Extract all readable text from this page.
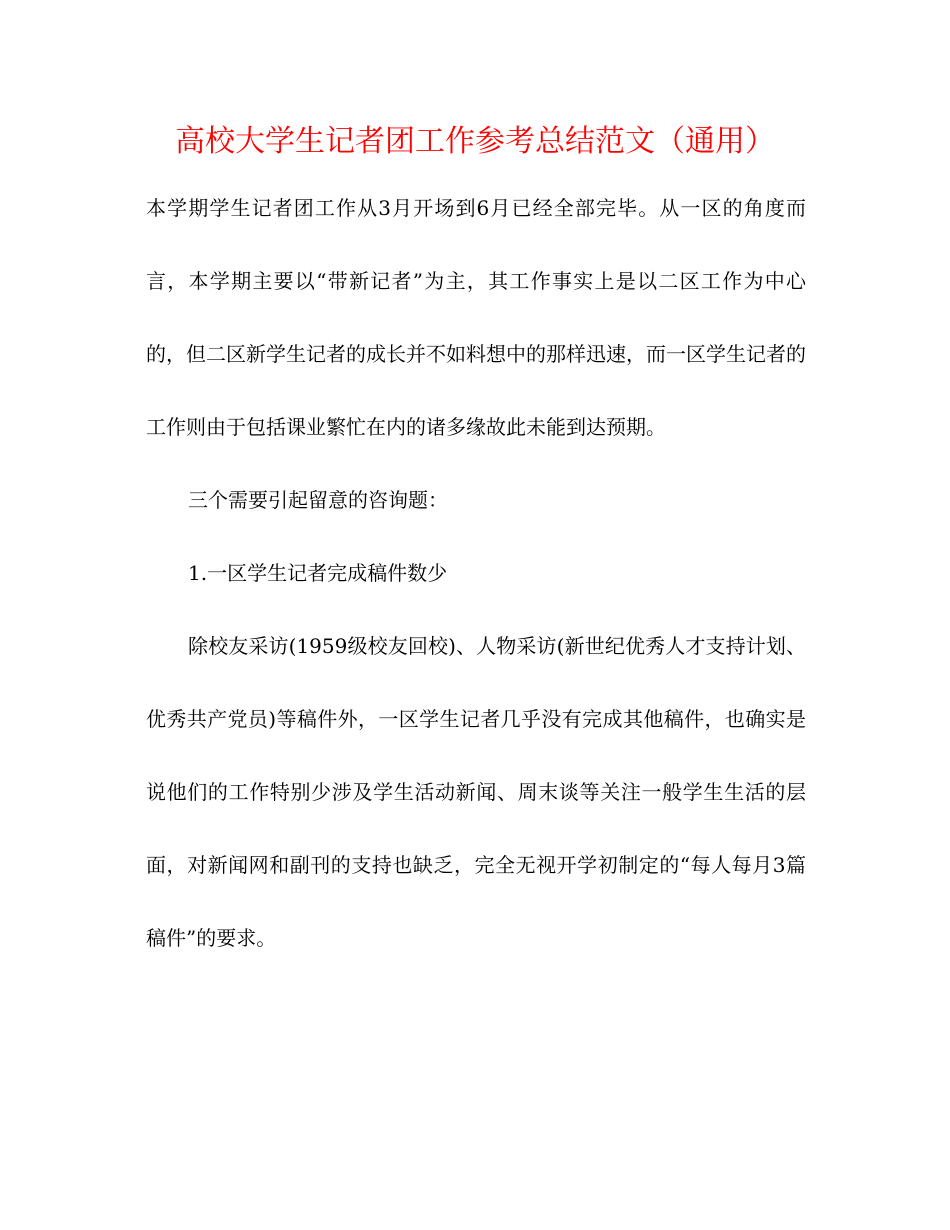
高校大学生记者团工作参考总结范文（通用）

本学期学生记者团工作从3月开场到6月已经全部完毕。从一区的角度而言，本学期主要以“带新记者”为主，其工作事实上是以二区工作为中心的，但二区新学生记者的成长并不如料想中的那样迅速，而一区学生记者的工作则由于包括课业繁忙在内的诸多缘故此未能到达预期。

三个需要引起留意的咨询题：

1.一区学生记者完成稿件数少

除校友采访(1959级校友回校)、人物采访(新世纪优秀人才支持计划、优秀共产党员)等稿件外，一区学生记者几乎没有完成其他稿件，也确实是说他们的工作特别少涉及学生活动新闻、周末谈等关注一般学生生活的层面，对新闻网和副刊的支持也缺乏，完全无视开学初制定的“每人每月3篇稿件”的要求。
